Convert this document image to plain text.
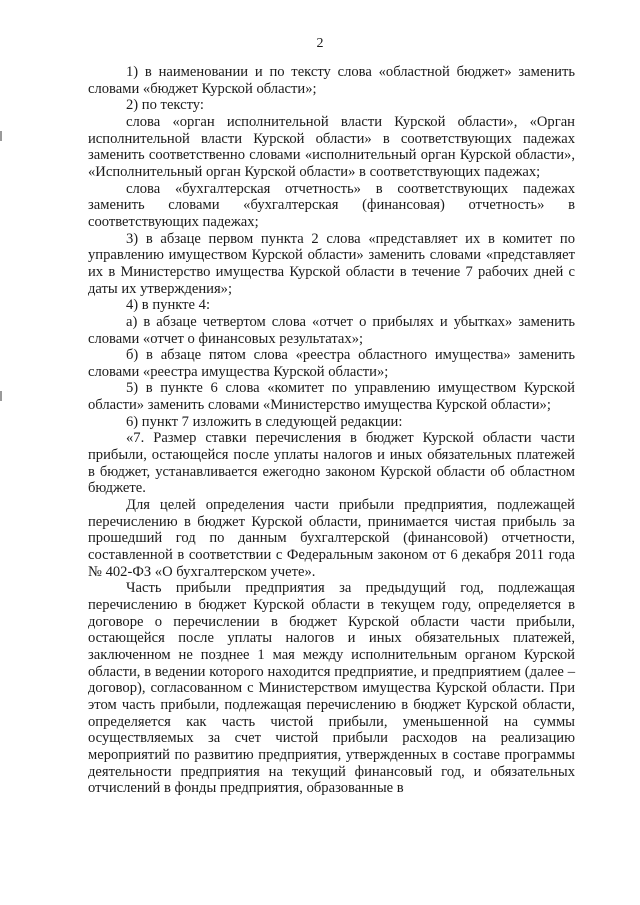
2

1) в наименовании и по тексту слова «областной бюджет» заменить словами «бюджет Курской области»;

2) по тексту:

слова «орган исполнительной власти Курской области», «Орган исполнительной власти Курской области» в соответствующих падежах заменить соответственно словами «исполнительный орган Курской области», «Исполнительный орган Курской области» в соответствующих падежах;

слова «бухгалтерская отчетность» в соответствующих падежах заменить словами «бухгалтерская (финансовая) отчетность» в соответствующих падежах;

3) в абзаце первом пункта 2 слова «представляет их в комитет по управлению имуществом Курской области» заменить словами «представляет их в Министерство имущества Курской области в течение 7 рабочих дней с даты их утверждения»;

4) в пункте 4:

а) в абзаце четвертом слова «отчет о прибылях и убытках» заменить словами «отчет о финансовых результатах»;

б) в абзаце пятом слова «реестра областного имущества» заменить словами «реестра имущества Курской области»;

5) в пункте 6 слова «комитет по управлению имуществом Курской области» заменить словами «Министерство имущества Курской области»;

6) пункт 7 изложить в следующей редакции:

«7. Размер ставки перечисления в бюджет Курской области части прибыли, остающейся после уплаты налогов и иных обязательных платежей в бюджет, устанавливается ежегодно законом Курской области об областном бюджете.

Для целей определения части прибыли предприятия, подлежащей перечислению в бюджет Курской области, принимается чистая прибыль за прошедший год по данным бухгалтерской (финансовой) отчетности, составленной в соответствии с Федеральным законом от 6 декабря 2011 года № 402-ФЗ «О бухгалтерском учете».

Часть прибыли предприятия за предыдущий год, подлежащая перечислению в бюджет Курской области в текущем году, определяется в договоре о перечислении в бюджет Курской области части прибыли, остающейся после уплаты налогов и иных обязательных платежей, заключенном не позднее 1 мая между исполнительным органом Курской области, в ведении которого находится предприятие, и предприятием (далее – договор), согласованном с Министерством имущества Курской области. При этом часть прибыли, подлежащая перечислению в бюджет Курской области, определяется как часть чистой прибыли, уменьшенной на суммы осуществляемых за счет чистой прибыли расходов на реализацию мероприятий по развитию предприятия, утвержденных в составе программы деятельности предприятия на текущий финансовый год, и обязательных отчислений в фонды предприятия, образованные в
